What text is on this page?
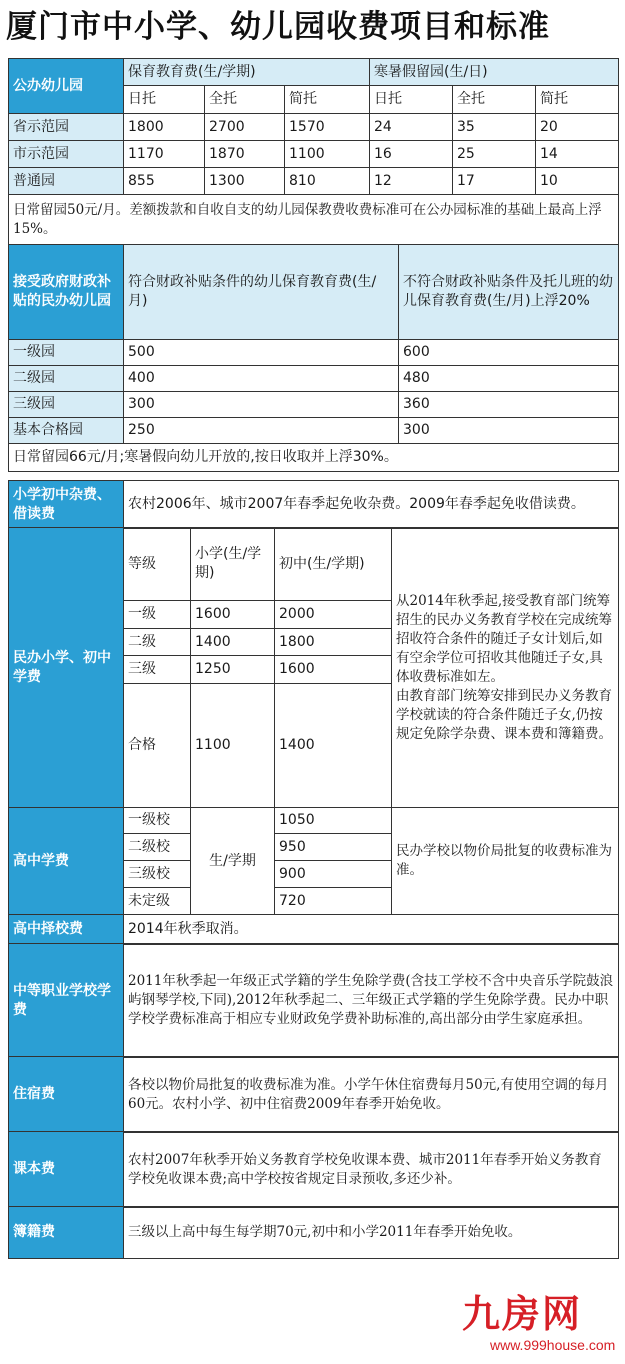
厦门市中小学、幼儿园收费项目和标准
公办幼儿园	保育教育费(生/学期)			寒暑假留园(生/日)		
	日托	全托	简托	日托	全托	简托
省示范园	1800	2700	1570	24	35	20
市示范园	1170	1870	1100	16	25	14
普通园	855	1300	810	12	17	10
日常留园50元/月。差额拨款和自收自支的幼儿园保教费收费标准可在公办园标准的基础上最高上浮15%。						
接受政府财政补贴的民办幼儿园	符合财政补贴条件的幼儿保育教育费(生/月)	不符合财政补贴条件及托儿班的幼儿保育教育费(生/月)上浮20%
一级园	500	600
二级园	400	480
三级园	300	360
基本合格园	250	300
日常留园66元/月;寒暑假向幼儿开放的,按日收取并上浮30%。		
小学初中杂费、借读费	农村2006年、城市2007年春季起免收杂费。2009年春季起免收借读费。
民办小学、初中学费	等级	小学(生/学期)	初中(生/学期)	从2014年秋季起,接受教育部门统筹招生的民办义务教育学校在完成统筹招收符合条件的随迁子女计划后,如有空余学位可招收其他随迁子女,具体收费标准如左。
由教育部门统筹安排到民办义务教育学校就读的符合条件随迁子女,仍按规定免除学杂费、课本费和簿籍费。

	一级	1600	2000	
	二级	1400	1800	
	三级	1250	1600	
	合格	1100	1400	
高中学费	一级校	生/学期	1050	民办学校以物价局批复的收费标准为准。
	二级校		950	
	三级校		900	
	未定级		720	
高中择校费	2014年秋季取消。
中等职业学校学费	2011年秋季起一年级正式学籍的学生免除学费(含技工学校不含中央音乐学院鼓浪屿钢琴学校,下同),2012年秋季起二、三年级正式学籍的学生免除学费。民办中职学校学费标准高于相应专业财政免学费补助标准的,高出部分由学生家庭承担。
住宿费	各校以物价局批复的收费标准为准。小学午休住宿费每月50元,有使用空调的每月60元。农村小学、初中住宿费2009年春季开始免收。
课本费	农村2007年秋季开始义务教育学校免收课本费、城市2011年春季开始义务教育学校免收课本费;高中学校按省规定目录预收,多还少补。
簿籍费	三级以上高中每生每学期70元,初中和小学2011年春季开始免收。
九房网
www.999house.com
